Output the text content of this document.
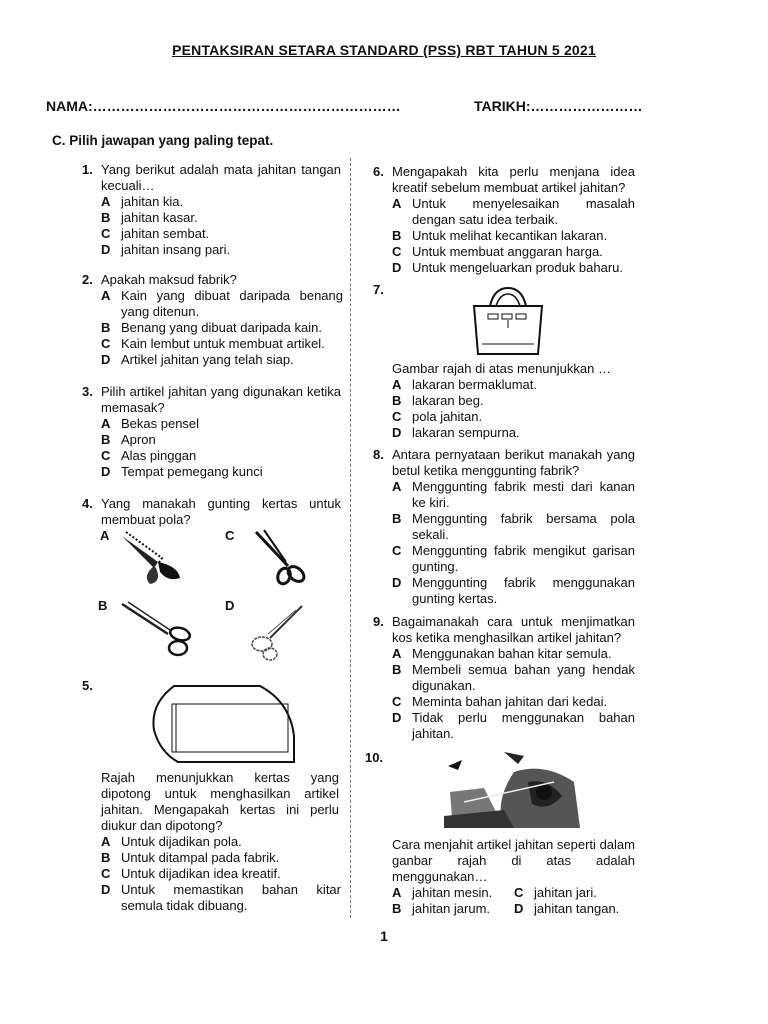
PENTAKSIRAN SETARA STANDARD (PSS) RBT TAHUN 5 2021
NAMA:…………………………………………………………	TARIKH:……………………
C. Pilih jawapan yang paling tepat.
1. Yang berikut adalah mata jahitan tangan kecuali…
A jahitan kia.
B jahitan kasar.
C jahitan sembat.
D jahitan insang pari.
2. Apakah maksud fabrik?
A Kain yang dibuat daripada benang yang ditenun.
B Benang yang dibuat daripada kain.
C Kain lembut untuk membuat artikel.
D Artikel jahitan yang telah siap.
3. Pilih artikel jahitan yang digunakan ketika memasak?
A Bekas pensel
B Apron
C Alas pinggan
D Tempat pemegang kunci
4. Yang manakah gunting kertas untuk membuat pola?
A	C
B	D
5.
Rajah menunjukkan kertas yang dipotong untuk menghasilkan artikel jahitan. Mengapakah kertas ini perlu diukur dan dipotong?
A Untuk dijadikan pola.
B Untuk ditampal pada fabrik.
C Untuk dijadikan idea kreatif.
D Untuk memastikan bahan kitar semula tidak dibuang.
6. Mengapakah kita perlu menjana idea kreatif sebelum membuat artikel jahitan?
A Untuk menyelesaikan masalah dengan satu idea terbaik.
B Untuk melihat kecantikan lakaran.
C Untuk membuat anggaran harga.
D Untuk mengeluarkan produk baharu.
7.
Gambar rajah di atas menunjukkan …
A lakaran bermaklumat.
B lakaran beg.
C pola jahitan.
D lakaran sempurna.
8. Antara pernyataan berikut manakah yang betul ketika menggunting fabrik?
A Menggunting fabrik mesti dari kanan ke kiri.
B Menggunting fabrik bersama pola sekali.
C Menggunting fabrik mengikut garisan gunting.
D Menggunting fabrik menggunakan gunting kertas.
9. Bagaimanakah cara untuk menjimatkan kos ketika menghasilkan artikel jahitan?
A Menggunakan bahan kitar semula.
B Membeli semua bahan yang hendak digunakan.
C Meminta bahan jahitan dari kedai.
D Tidak perlu menggunakan bahan jahitan.
10.
Cara menjahit artikel jahitan seperti dalam ganbar rajah di atas adalah menggunakan…
A jahitan mesin.	C jahitan jari.
B jahitan jarum.	D jahitan tangan.
1
